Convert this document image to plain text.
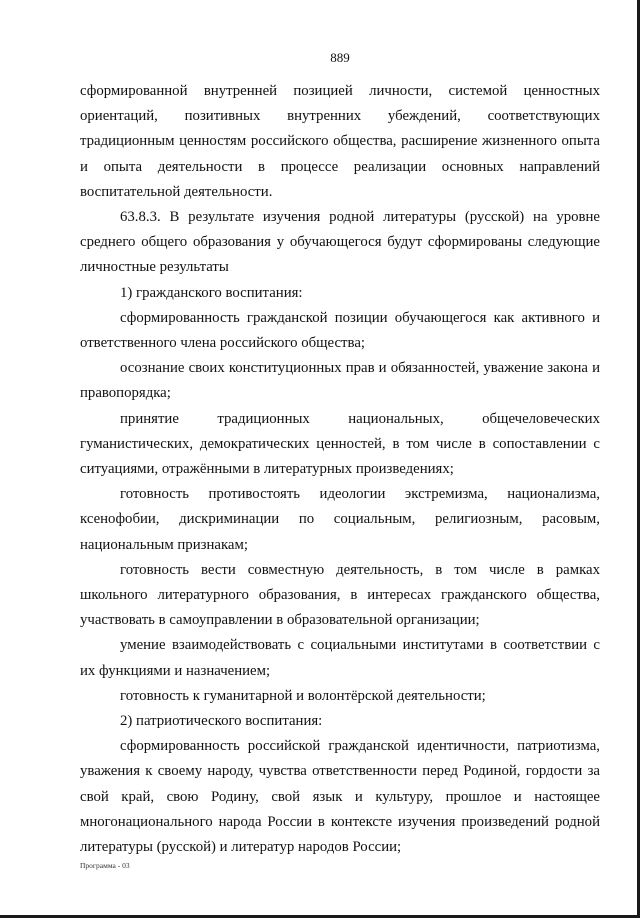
889

сформированной внутренней позицией личности, системой ценностных ориентаций, позитивных внутренних убеждений, соответствующих традиционным ценностям российского общества, расширение жизненного опыта и опыта деятельности в процессе реализации основных направлений воспитательной деятельности.

63.8.3. В результате изучения родной литературы (русской) на уровне среднего общего образования у обучающегося будут сформированы следующие личностные результаты

1) гражданского воспитания:

сформированность гражданской позиции обучающегося как активного и ответственного члена российского общества;

осознание своих конституционных прав и обязанностей, уважение закона и правопорядка;

принятие традиционных национальных, общечеловеческих гуманистических, демократических ценностей, в том числе в сопоставлении с ситуациями, отражёнными в литературных произведениях;

готовность противостоять идеологии экстремизма, национализма, ксенофобии, дискриминации по социальным, религиозным, расовым, национальным признакам;

готовность вести совместную деятельность, в том числе в рамках школьного литературного образования, в интересах гражданского общества, участвовать в самоуправлении в образовательной организации;

умение взаимодействовать с социальными институтами в соответствии с их функциями и назначением;

готовность к гуманитарной и волонтёрской деятельности;

2) патриотического воспитания:

сформированность российской гражданской идентичности, патриотизма, уважения к своему народу, чувства ответственности перед Родиной, гордости за свой край, свою Родину, свой язык и культуру, прошлое и настоящее многонационального народа России в контексте изучения произведений родной литературы (русской) и литератур народов России;

Программа - 03
